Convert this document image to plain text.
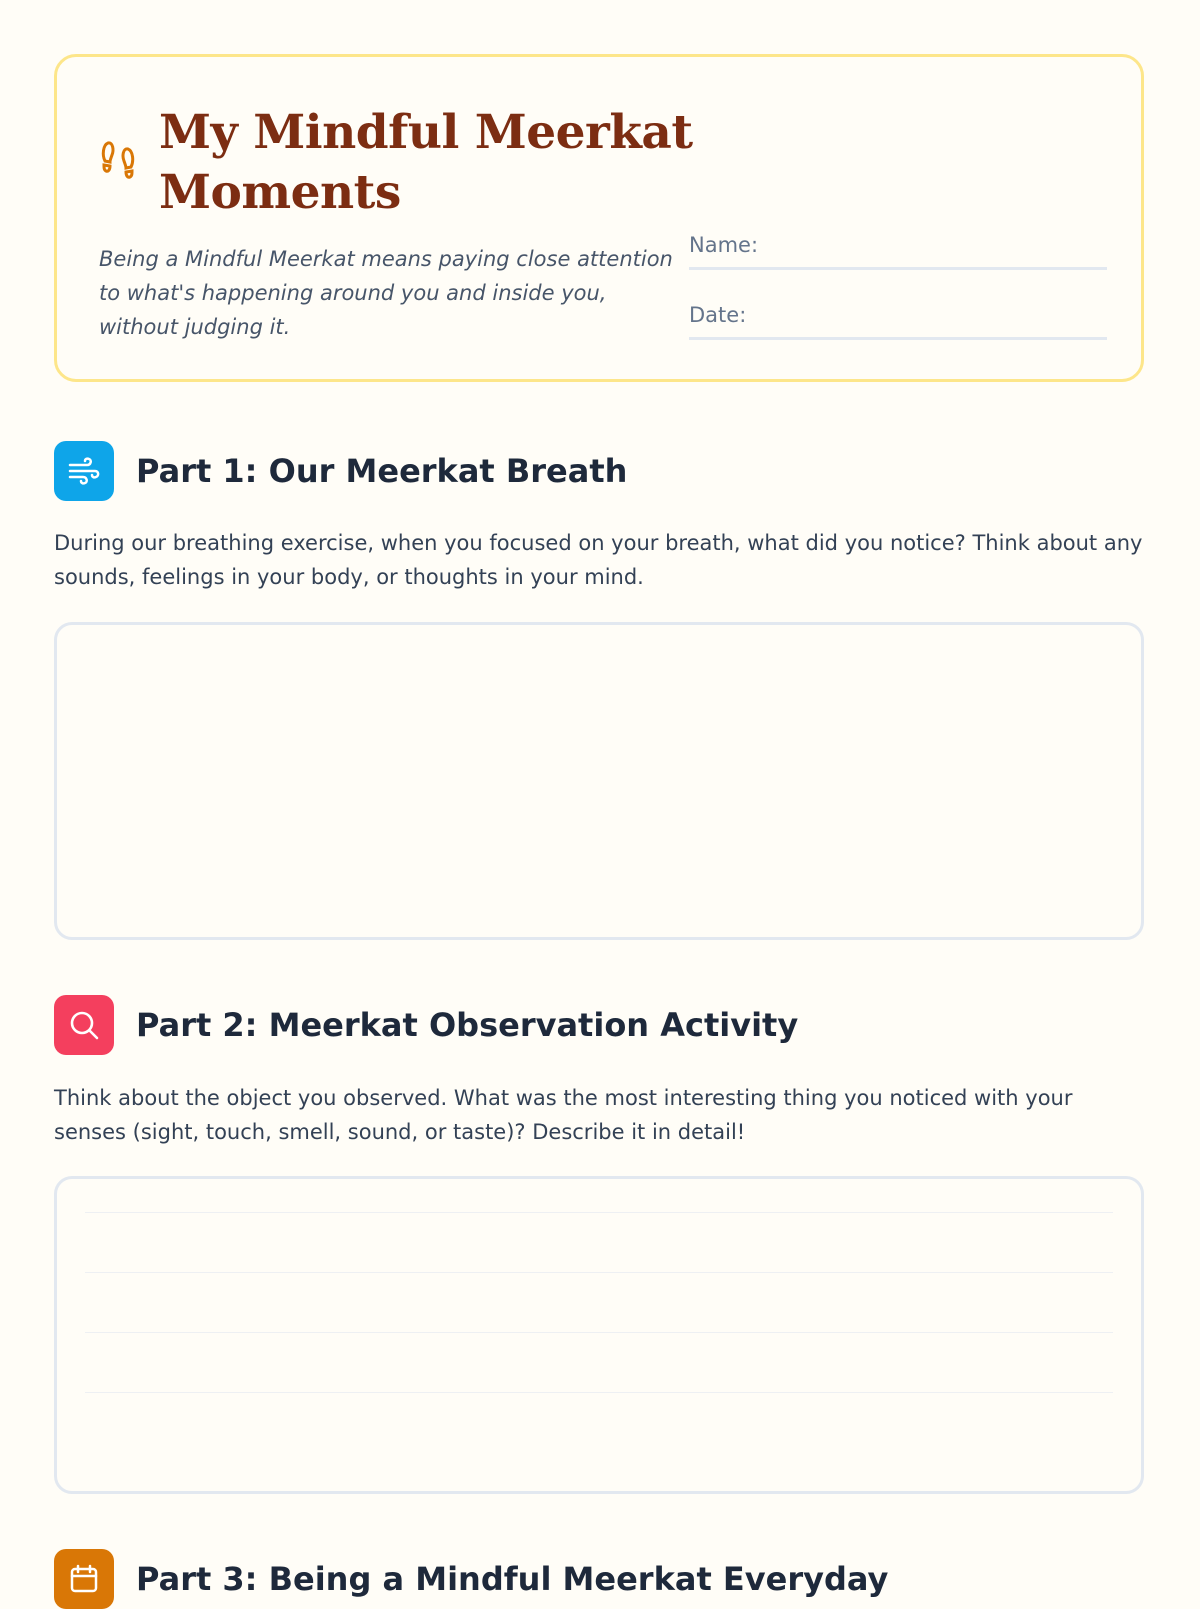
My Mindful Meerkat Moments
Being a Mindful Meerkat means paying close attention to what's happening around you and inside you, without judging it.
Name:
Date:
Part 1: Our Meerkat Breath

During our breathing exercise, when you focused on your breath, what did you notice? Think about any sounds, feelings in your body, or thoughts in your mind.

Part 2: Meerkat Observation Activity

Think about the object you observed. What was the most interesting thing you noticed with your senses (sight, touch, smell, sound, or taste)? Describe it in detail!

Part 3: Being a Mindful Meerkat Everyday
